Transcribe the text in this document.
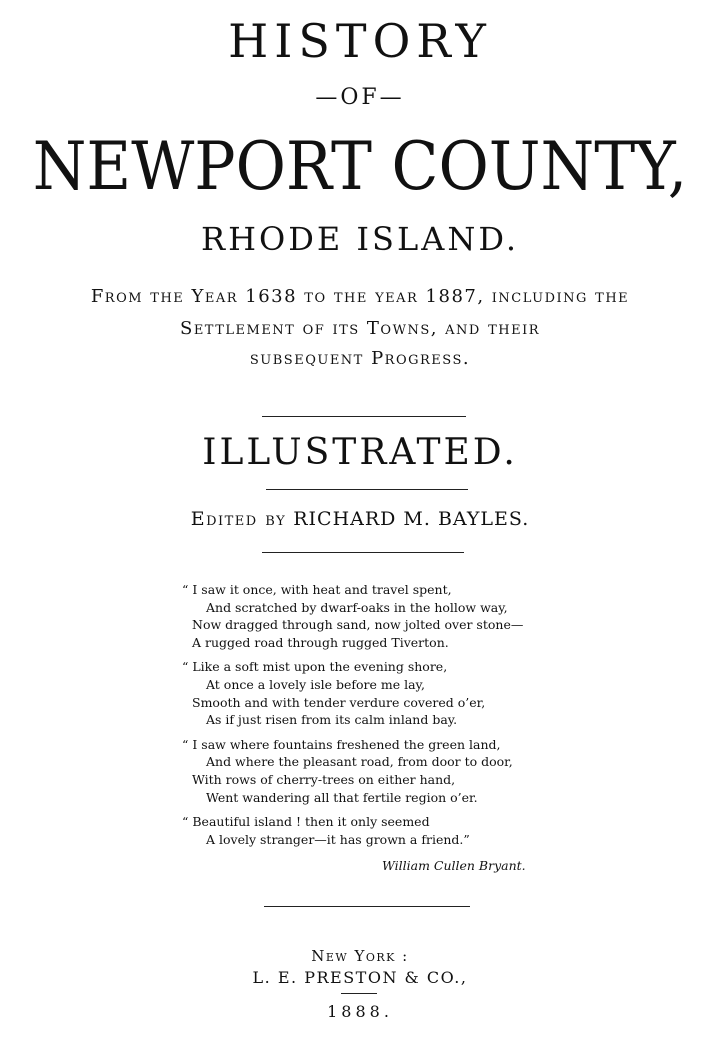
HISTORY
—OF—
NEWPORT COUNTY,
RHODE ISLAND.
From the Year 1638 to the year 1887, including the
Settlement of its Towns, and their
subsequent Progress.
ILLUSTRATED.
Edited by RICHARD M. BAYLES.
“ I saw it once, with heat and travel spent,
And scratched by dwarf-oaks in the hollow way,
Now dragged through sand, now jolted over stone—
A rugged road through rugged Tiverton.
“ Like a soft mist upon the evening shore,
At once a lovely isle before me lay,
Smooth and with tender verdure covered o’er,
As if just risen from its calm inland bay.
“ I saw where fountains freshened the green land,
And where the pleasant road, from door to door,
With rows of cherry-trees on either hand,
Went wandering all that fertile region o’er.
“ Beautiful island ! then it only seemed
A lovely stranger—it has grown a friend.”
William Cullen Bryant.
New York :
L. E. PRESTON & CO.,
1888.
